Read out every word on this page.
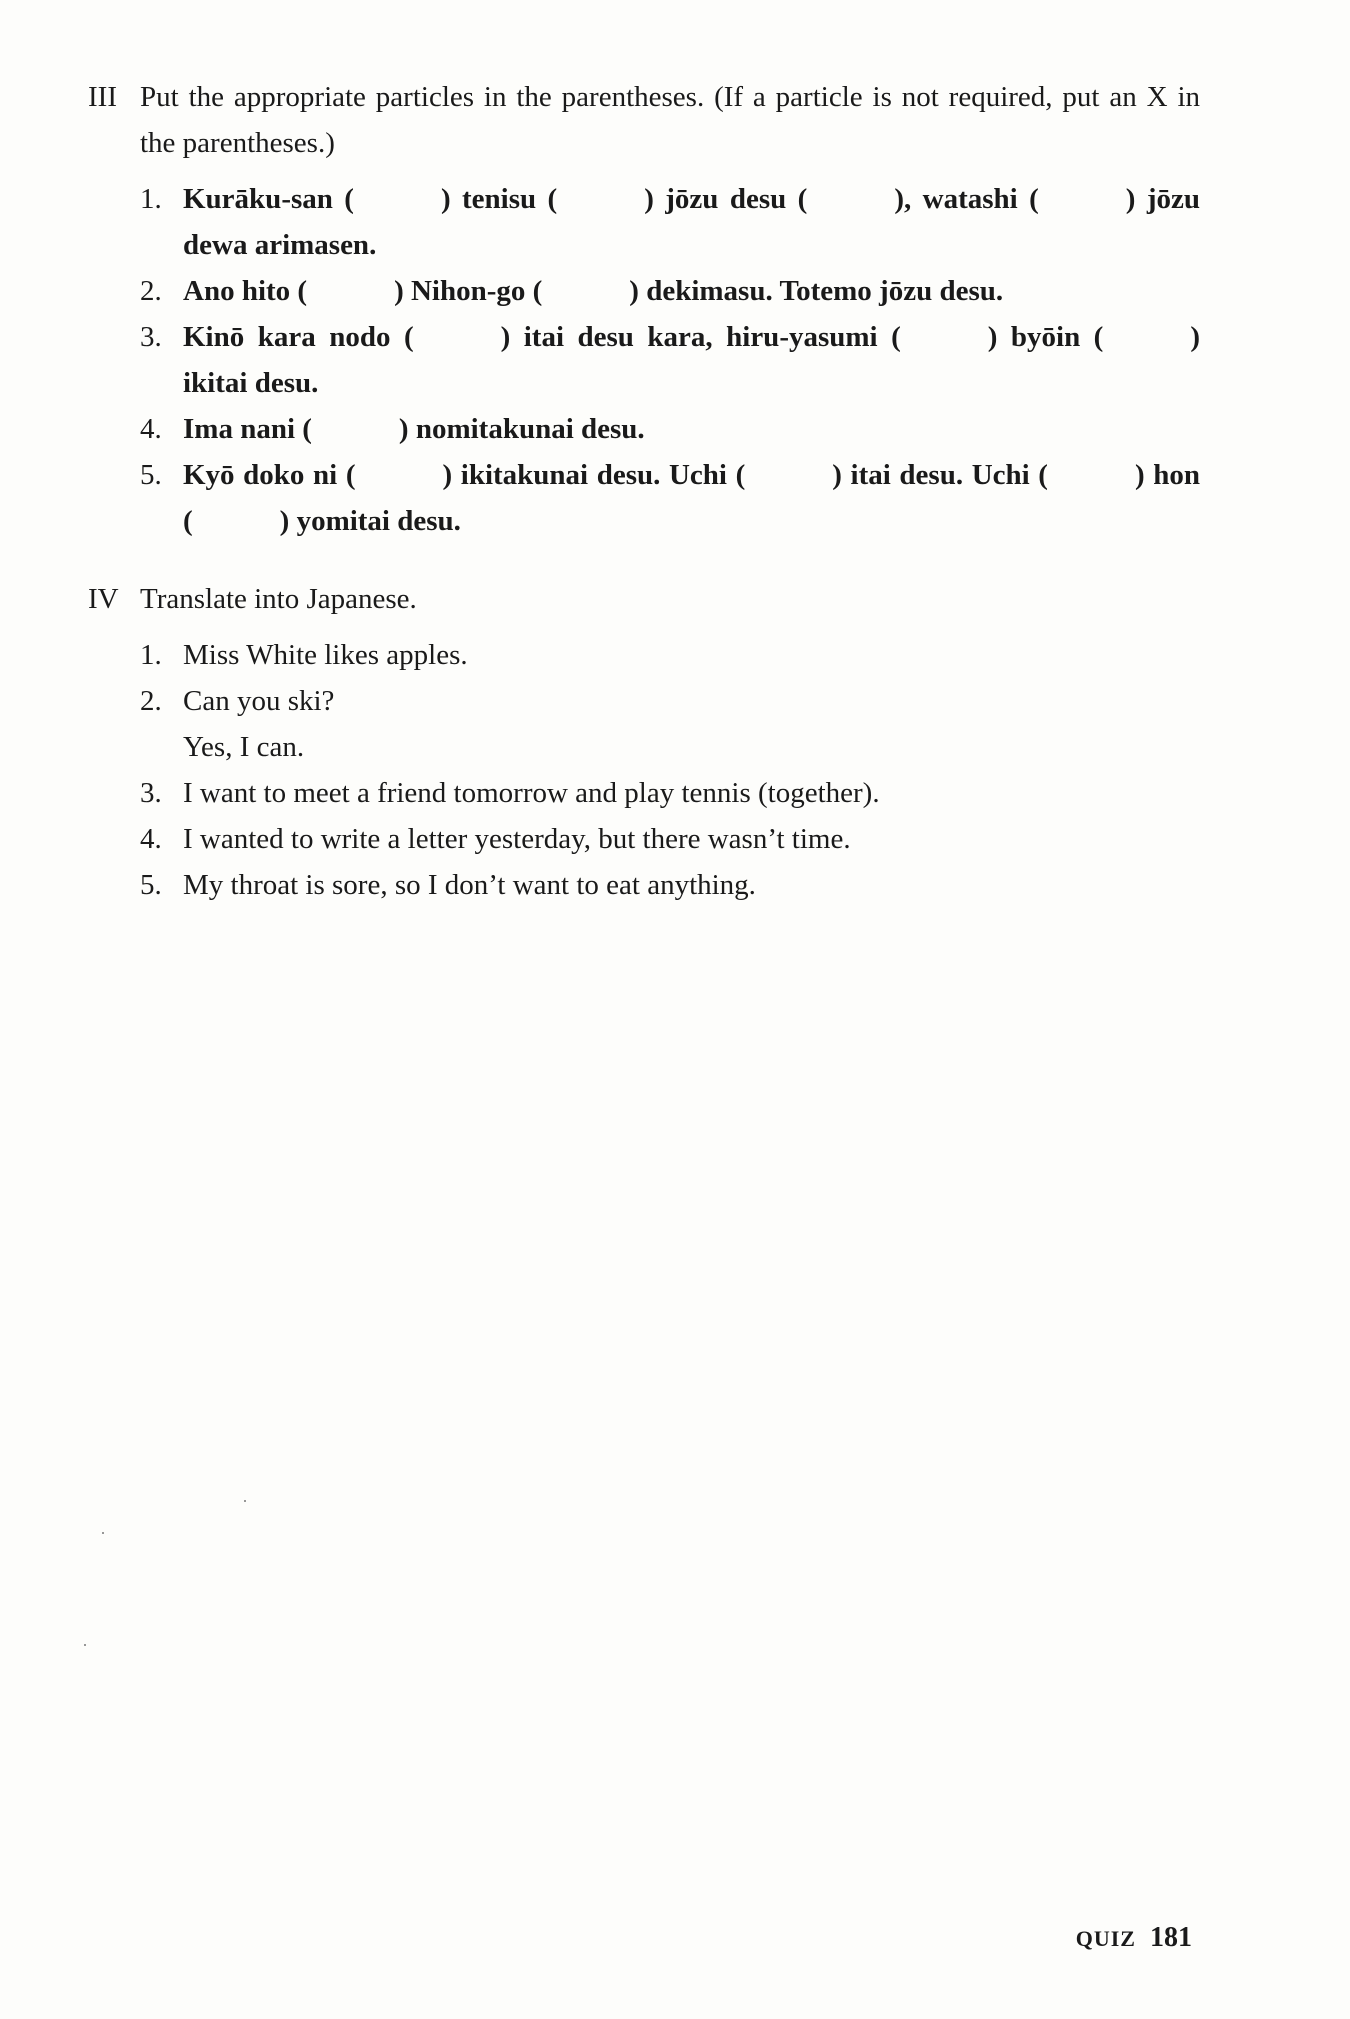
III Put the appropriate particles in the parentheses. (If a particle is not required, put an X in the parentheses.)
1. Kurāku-san (   ) tenisu (   ) jōzu desu (   ), watashi (   ) jōzu dewa arimasen.
2. Ano hito (   ) Nihon-go (   ) dekimasu. Totemo jōzu desu.
3. Kinō kara nodo (   ) itai desu kara, hiru-yasumi (   ) byōin (   ) ikitai desu.
4. Ima nani (   ) nomitakunai desu.
5. Kyō doko ni (   ) ikitakunai desu. Uchi (   ) itai desu. Uchi (   ) hon (   ) yomitai desu.
IV Translate into Japanese.
1. Miss White likes apples.
2. Can you ski?
Yes, I can.
3. I want to meet a friend tomorrow and play tennis (together).
4. I wanted to write a letter yesterday, but there wasn’t time.
5. My throat is sore, so I don’t want to eat anything.
QUIZ 181
